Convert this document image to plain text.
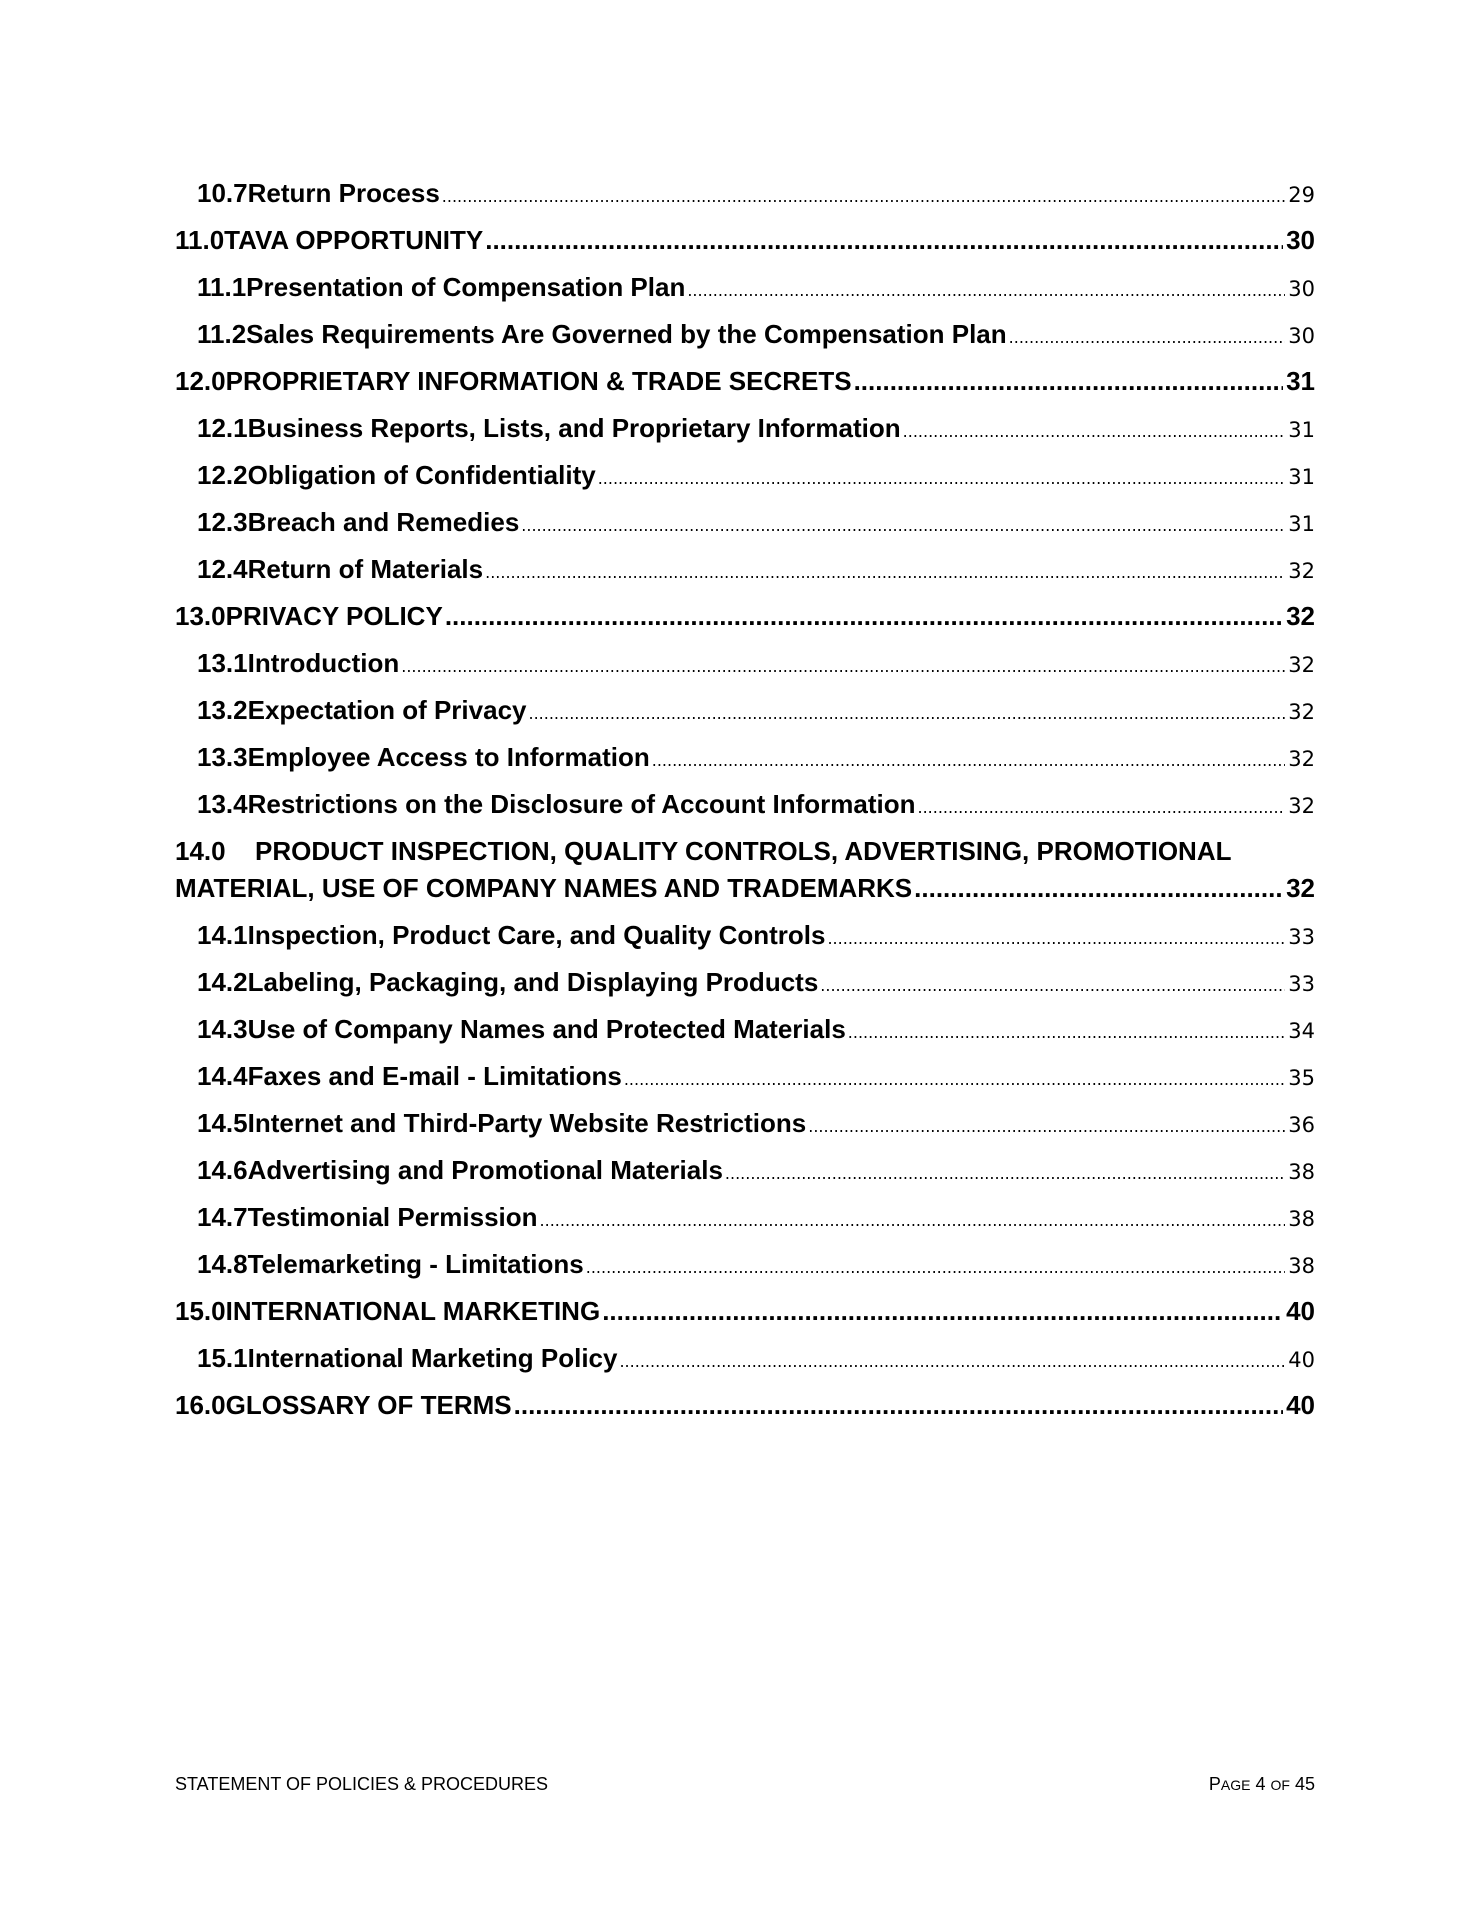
10.7 Return Process .....	29
11.0 TAVA OPPORTUNITY .....	30
11.1 Presentation of Compensation Plan .....	30
11.2 Sales Requirements Are Governed by the Compensation Plan .....	30
12.0 PROPRIETARY INFORMATION & TRADE SECRETS .....	31
12.1 Business Reports, Lists, and Proprietary Information .....	31
12.2 Obligation of Confidentiality .....	31
12.3 Breach and Remedies .....	31
12.4 Return of Materials .....	32
13.0 PRIVACY POLICY .....	32
13.1 Introduction .....	32
13.2 Expectation of Privacy .....	32
13.3 Employee Access to Information .....	32
13.4 Restrictions on the Disclosure of Account Information .....	32
14.0 PRODUCT INSPECTION, QUALITY CONTROLS, ADVERTISING, PROMOTIONAL
MATERIAL, USE OF COMPANY NAMES AND TRADEMARKS .....	32
14.1 Inspection, Product Care, and Quality Controls .....	33
14.2 Labeling, Packaging, and Displaying Products .....	33
14.3 Use of Company Names and Protected Materials .....	34
14.4 Faxes and E-mail - Limitations .....	35
14.5 Internet and Third-Party Website Restrictions .....	36
14.6 Advertising and Promotional Materials .....	38
14.7 Testimonial Permission .....	38
14.8 Telemarketing - Limitations .....	38
15.0 INTERNATIONAL MARKETING .....	40
15.1 International Marketing Policy .....	40
16.0 GLOSSARY OF TERMS .....	40
STATEMENT OF POLICIES & PROCEDURES	PAGE 4 OF 45
